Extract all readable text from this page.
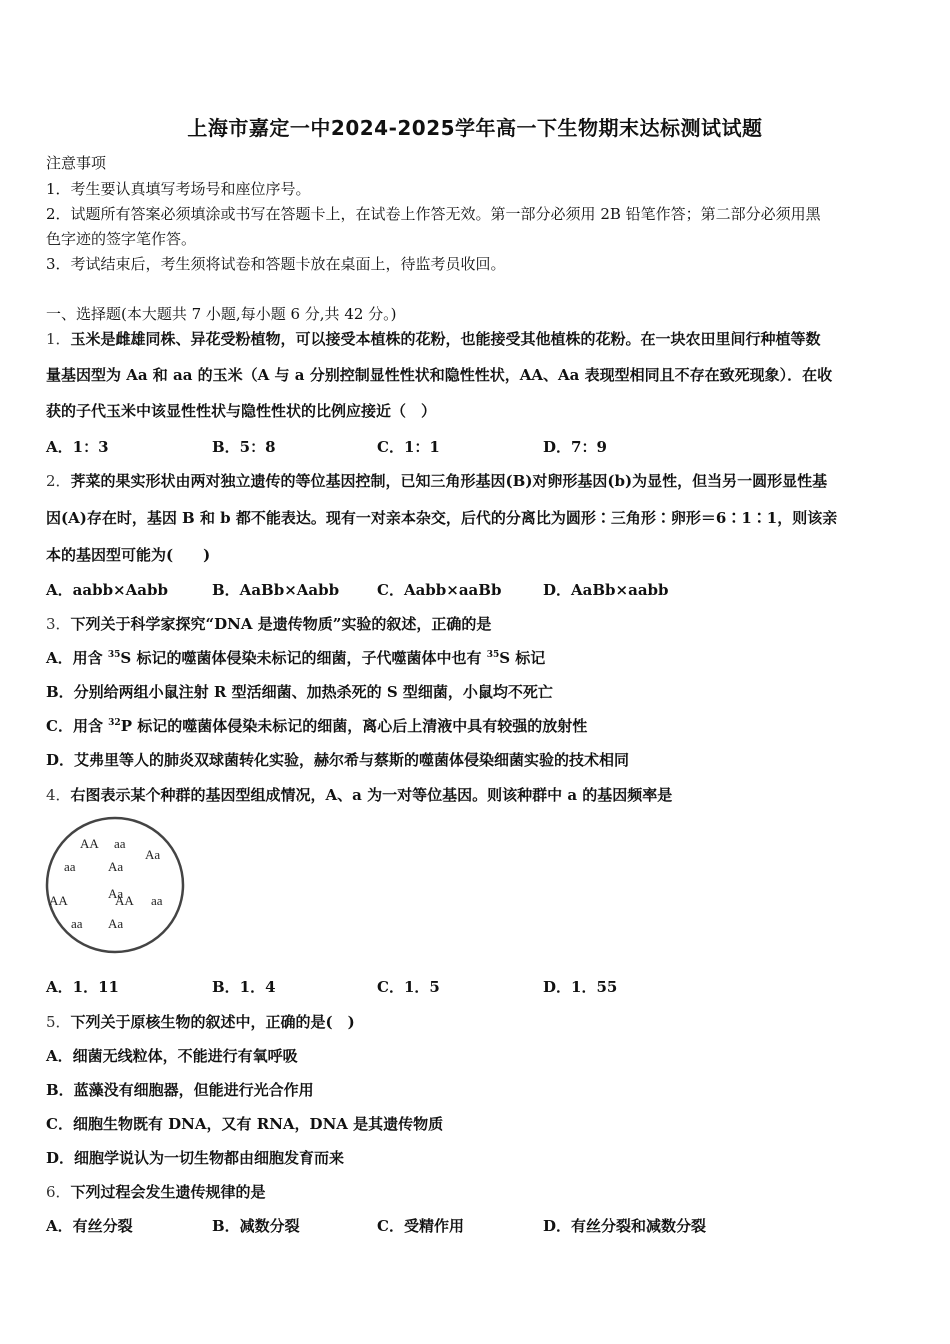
上海市嘉定一中2024-2025学年高一下生物期末达标测试试题
注意事项
1．考生要认真填写考场号和座位序号。
2．试题所有答案必须填涂或书写在答题卡上，在试卷上作答无效。第一部分必须用 2B 铅笔作答；第二部分必须用黑
色字迹的签字笔作答。
3．考试结束后，考生须将试卷和答题卡放在桌面上，待监考员收回。
一、选择题(本大题共 7 小题,每小题 6 分,共 42 分。)
1．玉米是雌雄同株、异花受粉植物，可以接受本植株的花粉，也能接受其他植株的花粉。在一块农田里间行种植等数
量基因型为 Aa 和 aa 的玉米（A 与 a 分别控制显性性状和隐性性状，AA、Aa 表现型相同且不存在致死现象）．在收
获的子代玉米中该显性性状与隐性性状的比例应接近（　）
A．1：3	B．5：8	C．1：1	D．7：9
2．荠菜的果实形状由两对独立遗传的等位基因控制，已知三角形基因(B)对卵形基因(b)为显性，但当另一圆形显性基
因(A)存在时，基因 B 和 b 都不能表达。现有一对亲本杂交，后代的分离比为圆形∶三角形∶卵形＝6∶1∶1，则该亲
本的基因型可能为(　　)
A．aabb×Aabb	B．AaBb×Aabb	C．Aabb×aaBb	D．AaBb×aabb
3．下列关于科学家探究“DNA 是遗传物质”实验的叙述，正确的是
A．用含 $^{35}$S 标记的噬菌体侵染未标记的细菌，子代噬菌体中也有 $^{35}$S 标记
B．分别给两组小鼠注射 R 型活细菌、加热杀死的 S 型细菌，小鼠均不死亡
C．用含 $^{32}$P 标记的噬菌体侵染未标记的细菌，离心后上清液中具有较强的放射性
D．艾弗里等人的肺炎双球菌转化实验，赫尔希与蔡斯的噬菌体侵染细菌实验的技术相同
4．右图表示某个种群的基因型组成情况，A、a 为一对等位基因。则该种群中 a 的基因频率是
AA aa
Aa
aa Aa
AA	Aa
AA aa
aa Aa
A．1．11	B．1．4	C．1．5	D．1．55
5．下列关于原核生物的叙述中，正确的是(　)
A．细菌无线粒体，不能进行有氧呼吸
B．蓝藻没有细胞器，但能进行光合作用
C．细胞生物既有 DNA，又有 RNA，DNA 是其遗传物质
D．细胞学说认为一切生物都由细胞发育而来
6．下列过程会发生遗传规律的是
A．有丝分裂	B．减数分裂	C．受精作用	D．有丝分裂和减数分裂
